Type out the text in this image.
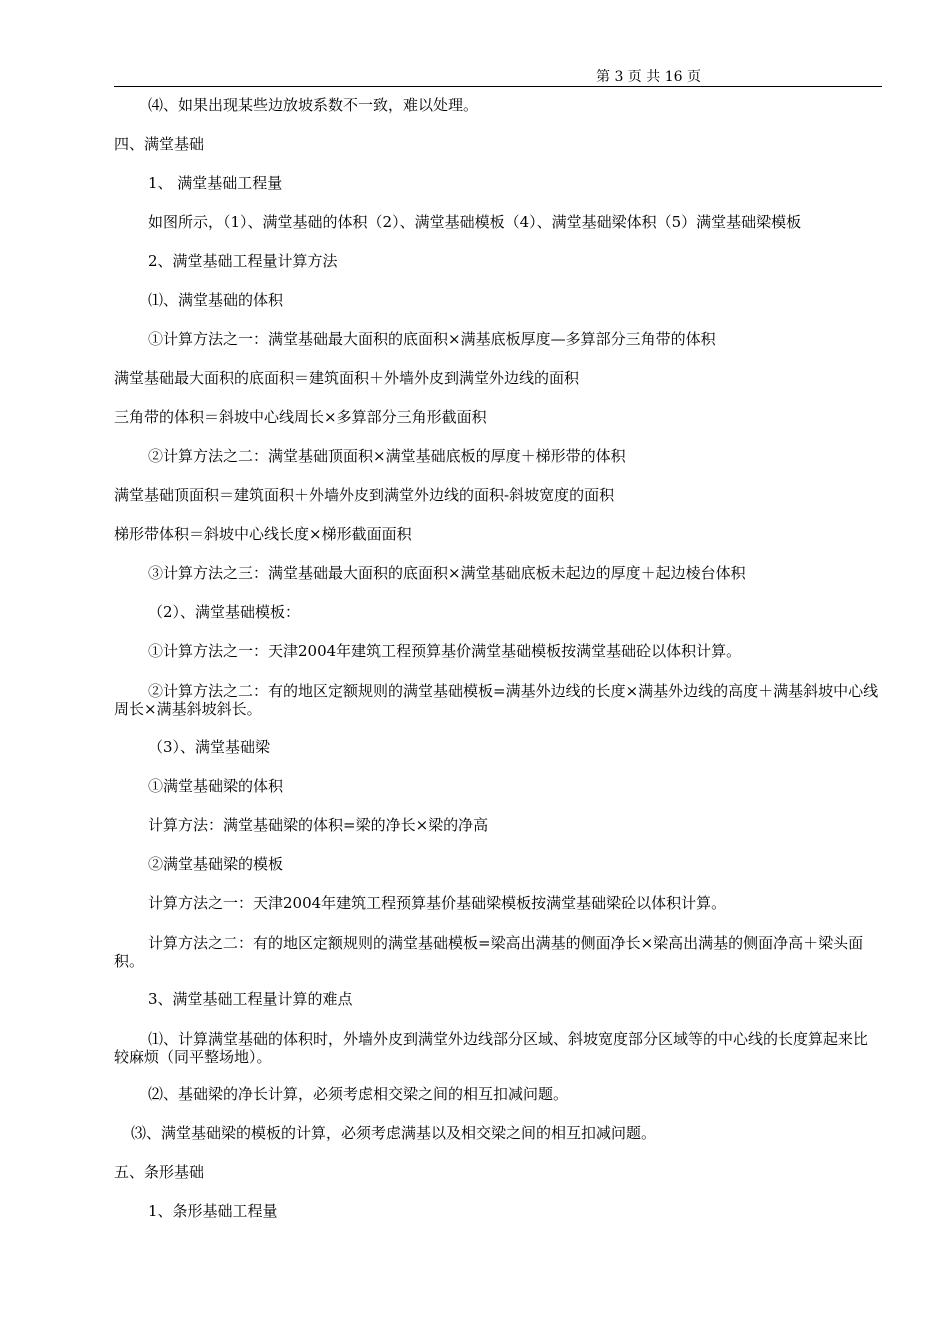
第 3 页 共 16 页
⑷、如果出现某些边放坡系数不一致，难以处理。
四、满堂基础
1、 满堂基础工程量
如图所示，（1）、满堂基础的体积（2）、满堂基础模板（4）、满堂基础梁体积（5）满堂基础梁模板
2、满堂基础工程量计算方法
⑴、满堂基础的体积
①计算方法之一：满堂基础最大面积的底面积×满基底板厚度—多算部分三角带的体积
满堂基础最大面积的底面积＝建筑面积＋外墙外皮到满堂外边线的面积
三角带的体积＝斜坡中心线周长×多算部分三角形截面积
②计算方法之二：满堂基础顶面积×满堂基础底板的厚度＋梯形带的体积
满堂基础顶面积＝建筑面积＋外墙外皮到满堂外边线的面积-斜坡宽度的面积
梯形带体积＝斜坡中心线长度×梯形截面面积
③计算方法之三：满堂基础最大面积的底面积×满堂基础底板未起边的厚度＋起边棱台体积
（2）、满堂基础模板：
①计算方法之一：天津2004年建筑工程预算基价满堂基础模板按满堂基础砼以体积计算。
②计算方法之二：有的地区定额规则的满堂基础模板=满基外边线的长度×满基外边线的高度＋满基斜坡中心线周长×满基斜坡斜长。
（3）、满堂基础梁
①满堂基础梁的体积
计算方法：满堂基础梁的体积=梁的净长×梁的净高
②满堂基础梁的模板
计算方法之一：天津2004年建筑工程预算基价基础梁模板按满堂基础梁砼以体积计算。
计算方法之二：有的地区定额规则的满堂基础模板=梁高出满基的侧面净长×梁高出满基的侧面净高＋梁头面积。
3、满堂基础工程量计算的难点
⑴、计算满堂基础的体积时，外墙外皮到满堂外边线部分区域、斜坡宽度部分区域等的中心线的长度算起来比较麻烦（同平整场地）。
⑵、基础梁的净长计算，必须考虑相交梁之间的相互扣减问题。
⑶、满堂基础梁的模板的计算，必须考虑满基以及相交梁之间的相互扣减问题。
五、条形基础
1、条形基础工程量
